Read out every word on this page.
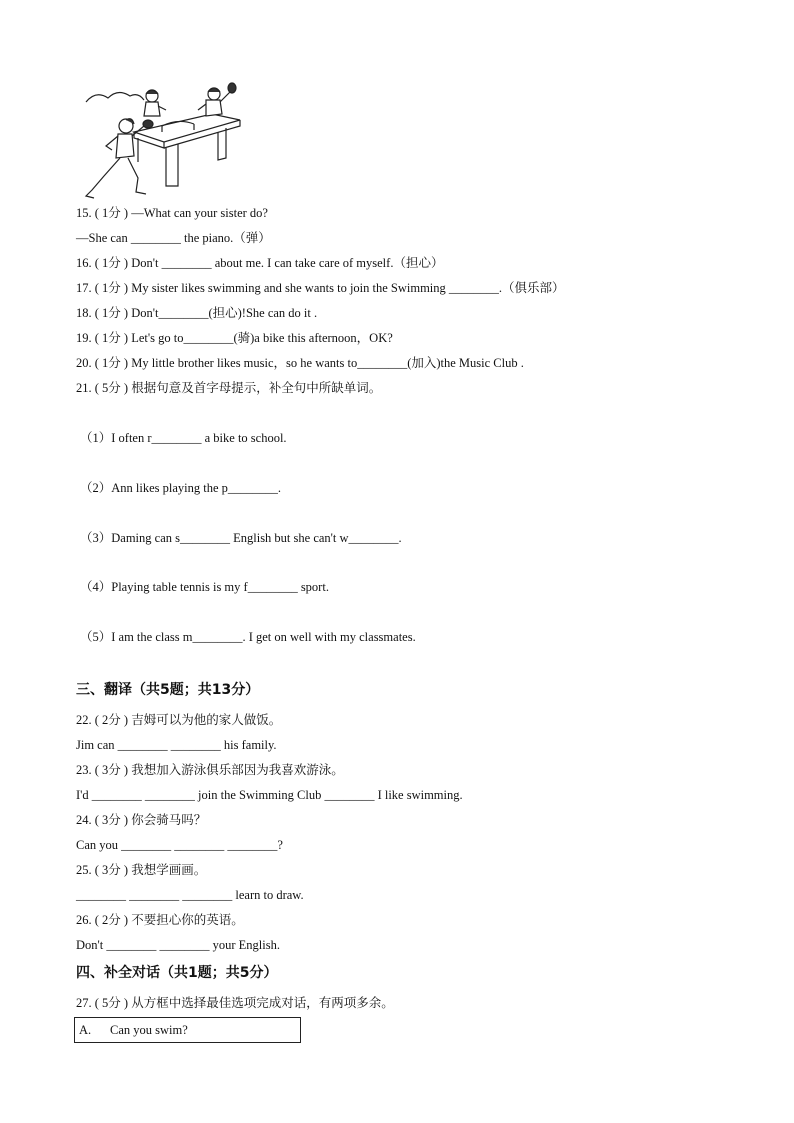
15. ( 1分 ) —What can your sister do?
—She can ________ the piano.（弹）
16. ( 1分 ) Don't ________ about me. I can take care of myself.（担心）
17. ( 1分 ) My sister likes swimming and she wants to join the Swimming ________.（俱乐部）
18. ( 1分 ) Don't________(担心)!She can do it .
19. ( 1分 ) Let's go to________(骑)a bike this afternoon，OK?
20. ( 1分 ) My little brother likes music，so he wants to________(加入)the Music Club .
21. ( 5分 ) 根据句意及首字母提示，补全句中所缺单词。
（1）I often r________ a bike to school.
（2）Ann likes playing the p________.
（3）Daming can s________ English but she can't w________.
（4）Playing table tennis is my f________ sport.
（5）I am the class m________. I get on well with my classmates.
三、翻译（共5题；共13分）
22. ( 2分 ) 吉姆可以为他的家人做饭。
Jim can ________ ________ his family.
23. ( 3分 ) 我想加入游泳俱乐部因为我喜欢游泳。
I'd ________ ________ join the Swimming Club ________ I like swimming.
24. ( 3分 ) 你会骑马吗？
Can you ________ ________ ________?
25. ( 3分 ) 我想学画画。
________ ________ ________ learn to draw.
26. ( 2分 ) 不要担心你的英语。
Don't ________ ________ your English.
四、补全对话（共1题；共5分）
27. ( 5分 ) 从方框中选择最佳选项完成对话，有两项多余。
A. Can you swim?
